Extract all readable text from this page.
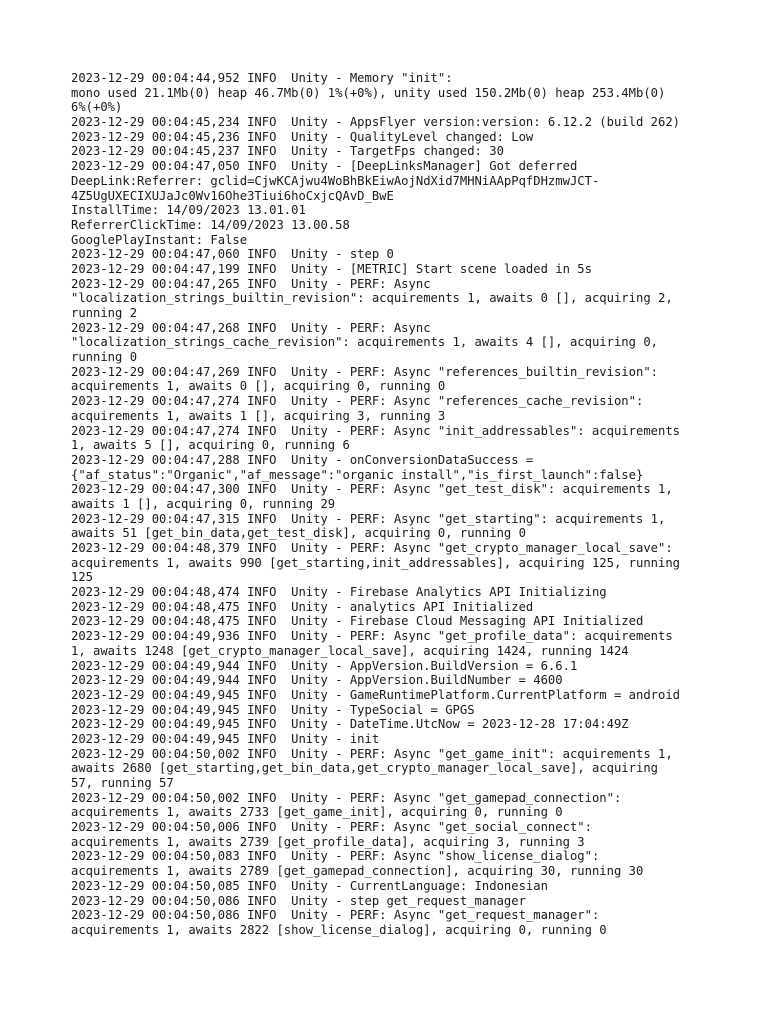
2023-12-29 00:04:44,952 INFO  Unity - Memory "init":
mono used 21.1Mb(0) heap 46.7Mb(0) 1%(+0%), unity used 150.2Mb(0) heap 253.4Mb(0)
6%(+0%)
2023-12-29 00:04:45,234 INFO  Unity - AppsFlyer version:version: 6.12.2 (build 262)
2023-12-29 00:04:45,236 INFO  Unity - QualityLevel changed: Low
2023-12-29 00:04:45,237 INFO  Unity - TargetFps changed: 30
2023-12-29 00:04:47,050 INFO  Unity - [DeepLinksManager] Got deferred
DeepLink:Referrer: gclid=CjwKCAjwu4WoBhBkEiwAojNdXid7MHNiAApPqfDHzmwJCT-
4Z5UgUXECIXUJaJc0Wv16Ohe3Tiui6hoCxjcQAvD_BwE
InstallTime: 14/09/2023 13.01.01
ReferrerClickTime: 14/09/2023 13.00.58
GooglePlayInstant: False
2023-12-29 00:04:47,060 INFO  Unity - step 0
2023-12-29 00:04:47,199 INFO  Unity - [METRIC] Start scene loaded in 5s
2023-12-29 00:04:47,265 INFO  Unity - PERF: Async
"localization_strings_builtin_revision": acquirements 1, awaits 0 [], acquiring 2,
running 2
2023-12-29 00:04:47,268 INFO  Unity - PERF: Async
"localization_strings_cache_revision": acquirements 1, awaits 4 [], acquiring 0,
running 0
2023-12-29 00:04:47,269 INFO  Unity - PERF: Async "references_builtin_revision":
acquirements 1, awaits 0 [], acquiring 0, running 0
2023-12-29 00:04:47,274 INFO  Unity - PERF: Async "references_cache_revision":
acquirements 1, awaits 1 [], acquiring 3, running 3
2023-12-29 00:04:47,274 INFO  Unity - PERF: Async "init_addressables": acquirements
1, awaits 5 [], acquiring 0, running 6
2023-12-29 00:04:47,288 INFO  Unity - onConversionDataSuccess =
{"af_status":"Organic","af_message":"organic install","is_first_launch":false}
2023-12-29 00:04:47,300 INFO  Unity - PERF: Async "get_test_disk": acquirements 1,
awaits 1 [], acquiring 0, running 29
2023-12-29 00:04:47,315 INFO  Unity - PERF: Async "get_starting": acquirements 1,
awaits 51 [get_bin_data,get_test_disk], acquiring 0, running 0
2023-12-29 00:04:48,379 INFO  Unity - PERF: Async "get_crypto_manager_local_save":
acquirements 1, awaits 990 [get_starting,init_addressables], acquiring 125, running
125
2023-12-29 00:04:48,474 INFO  Unity - Firebase Analytics API Initializing
2023-12-29 00:04:48,475 INFO  Unity - analytics API Initialized
2023-12-29 00:04:48,475 INFO  Unity - Firebase Cloud Messaging API Initialized
2023-12-29 00:04:49,936 INFO  Unity - PERF: Async "get_profile_data": acquirements
1, awaits 1248 [get_crypto_manager_local_save], acquiring 1424, running 1424
2023-12-29 00:04:49,944 INFO  Unity - AppVersion.BuildVersion = 6.6.1
2023-12-29 00:04:49,944 INFO  Unity - AppVersion.BuildNumber = 4600
2023-12-29 00:04:49,945 INFO  Unity - GameRuntimePlatform.CurrentPlatform = android
2023-12-29 00:04:49,945 INFO  Unity - TypeSocial = GPGS
2023-12-29 00:04:49,945 INFO  Unity - DateTime.UtcNow = 2023-12-28 17:04:49Z
2023-12-29 00:04:49,945 INFO  Unity - init
2023-12-29 00:04:50,002 INFO  Unity - PERF: Async "get_game_init": acquirements 1,
awaits 2680 [get_starting,get_bin_data,get_crypto_manager_local_save], acquiring
57, running 57
2023-12-29 00:04:50,002 INFO  Unity - PERF: Async "get_gamepad_connection":
acquirements 1, awaits 2733 [get_game_init], acquiring 0, running 0
2023-12-29 00:04:50,006 INFO  Unity - PERF: Async "get_social_connect":
acquirements 1, awaits 2739 [get_profile_data], acquiring 3, running 3
2023-12-29 00:04:50,083 INFO  Unity - PERF: Async "show_license_dialog":
acquirements 1, awaits 2789 [get_gamepad_connection], acquiring 30, running 30
2023-12-29 00:04:50,085 INFO  Unity - CurrentLanguage: Indonesian
2023-12-29 00:04:50,086 INFO  Unity - step get_request_manager
2023-12-29 00:04:50,086 INFO  Unity - PERF: Async "get_request_manager":
acquirements 1, awaits 2822 [show_license_dialog], acquiring 0, running 0
